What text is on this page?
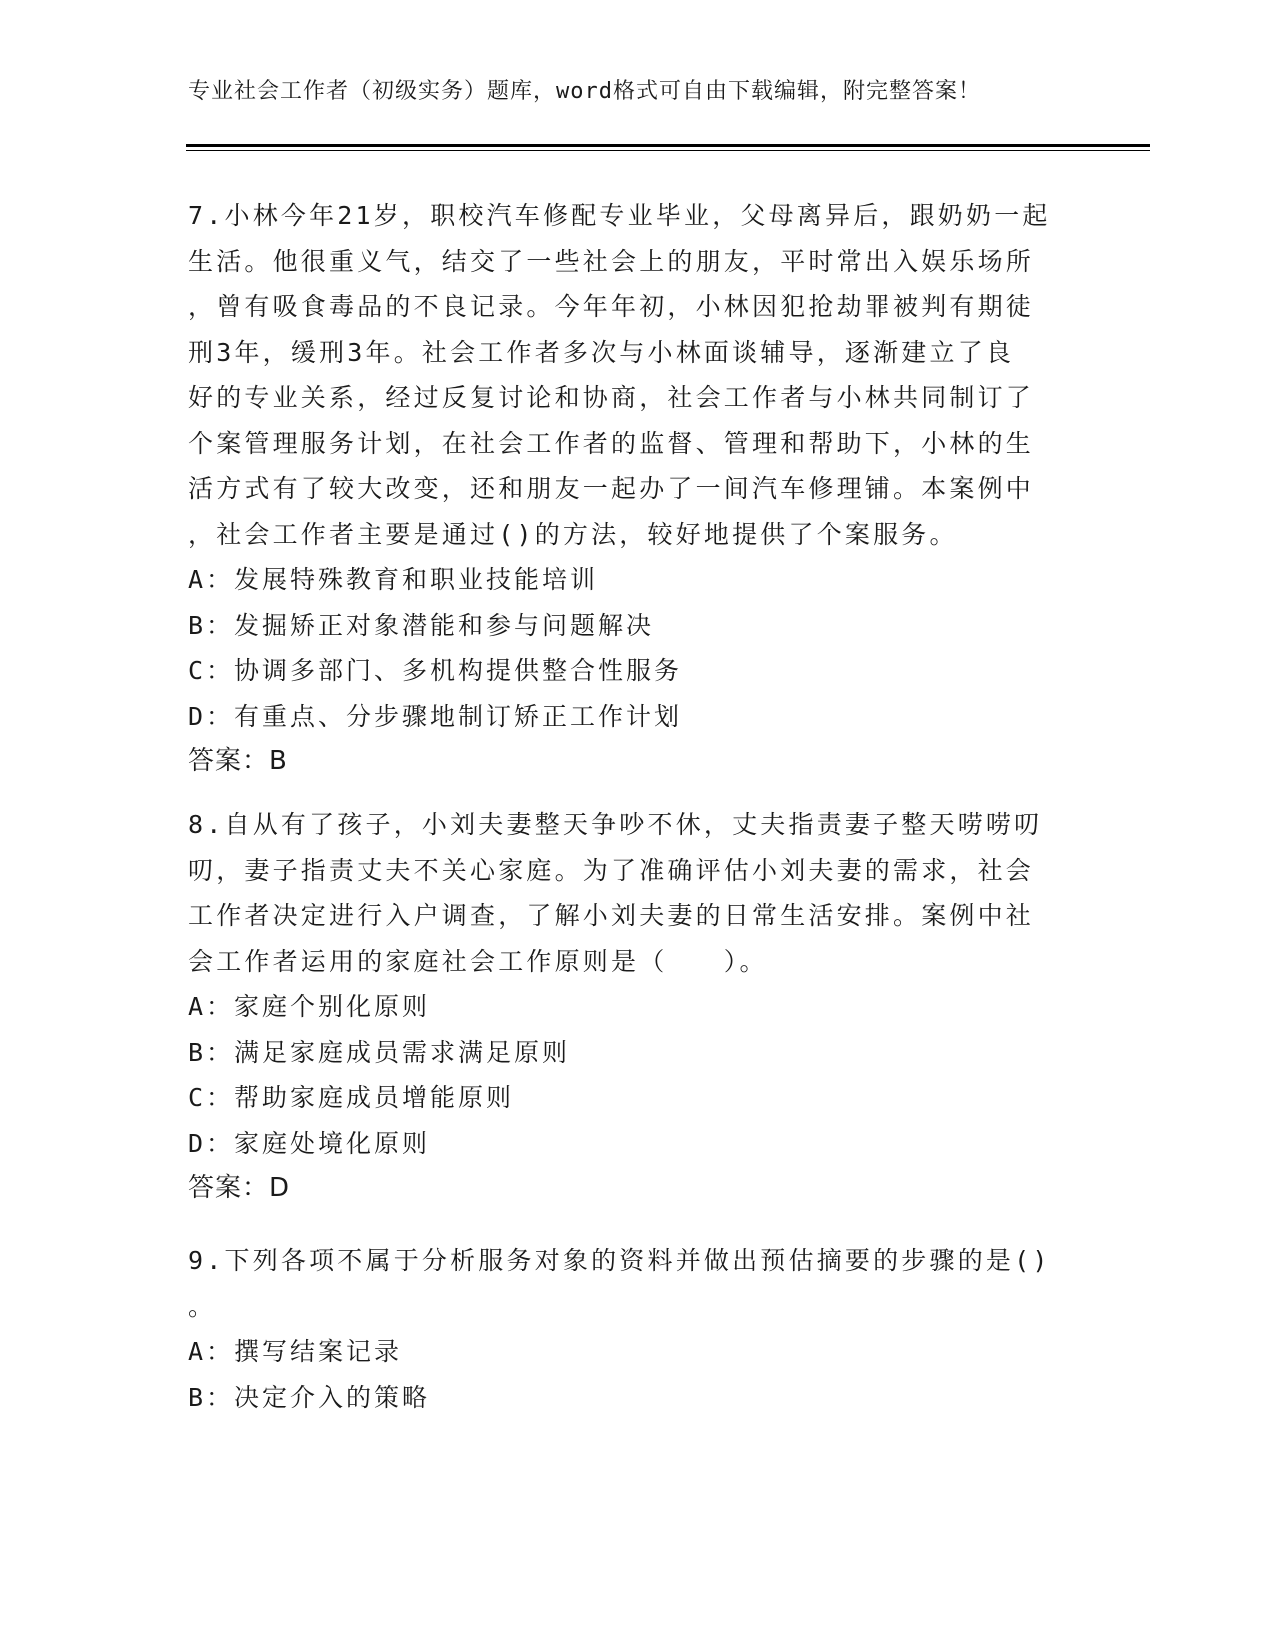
专业社会工作者（初级实务）题库，word格式可自由下载编辑，附完整答案！
7.小林今年21岁，职校汽车修配专业毕业，父母离异后，跟奶奶一起
生活。他很重义气，结交了一些社会上的朋友，平时常出入娱乐场所
，曾有吸食毒品的不良记录。今年年初，小林因犯抢劫罪被判有期徒
刑3年，缓刑3年。社会工作者多次与小林面谈辅导，逐渐建立了良
好的专业关系，经过反复讨论和协商，社会工作者与小林共同制订了
个案管理服务计划，在社会工作者的监督、管理和帮助下，小林的生
活方式有了较大改变，还和朋友一起办了一间汽车修理铺。本案例中
，社会工作者主要是通过()的方法，较好地提供了个案服务。
A：发展特殊教育和职业技能培训
B：发掘矫正对象潜能和参与问题解决
C：协调多部门、多机构提供整合性服务
D：有重点、分步骤地制订矫正工作计划
答案：B
8.自从有了孩子，小刘夫妻整天争吵不休，丈夫指责妻子整天唠唠叨
叨，妻子指责丈夫不关心家庭。为了准确评估小刘夫妻的需求，社会
工作者决定进行入户调查，了解小刘夫妻的日常生活安排。案例中社
会工作者运用的家庭社会工作原则是（　　）。
A：家庭个别化原则
B：满足家庭成员需求满足原则
C：帮助家庭成员增能原则
D：家庭处境化原则
答案：D
9.下列各项不属于分析服务对象的资料并做出预估摘要的步骤的是()
。
A：撰写结案记录
B：决定介入的策略
